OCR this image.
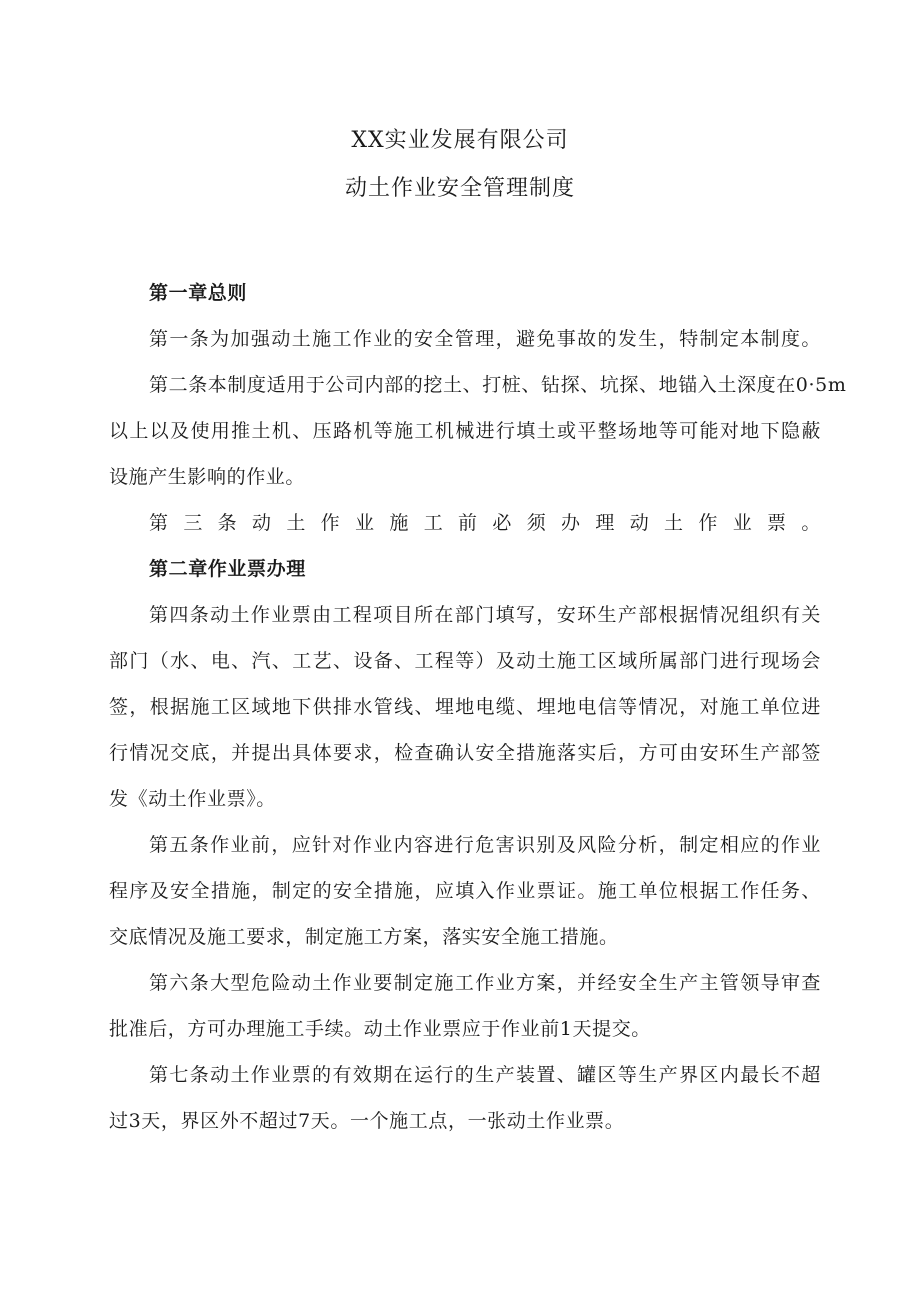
XX实业发展有限公司
动土作业安全管理制度
第一章总则
第一条为加强动土施工作业的安全管理，避免事故的发生，特制定本制度。
第二条本制度适用于公司内部的挖土、打桩、钻探、坑探、地锚入土深度在0·5m
以上以及使用推土机、压路机等施工机械进行填土或平整场地等可能对地下隐蔽
设施产生影响的作业。
第三条动土作业施工前必须办理动土作业票。
第二章作业票办理
第四条动土作业票由工程项目所在部门填写，安环生产部根据情况组织有关
部门（水、电、汽、工艺、设备、工程等）及动土施工区域所属部门进行现场会
签，根据施工区域地下供排水管线、埋地电缆、埋地电信等情况，对施工单位进
行情况交底，并提出具体要求，检查确认安全措施落实后，方可由安环生产部签
发《动土作业票》。
第五条作业前，应针对作业内容进行危害识别及风险分析，制定相应的作业
程序及安全措施，制定的安全措施，应填入作业票证。施工单位根据工作任务、
交底情况及施工要求，制定施工方案，落实安全施工措施。
第六条大型危险动土作业要制定施工作业方案，并经安全生产主管领导审查
批准后，方可办理施工手续。动土作业票应于作业前1天提交。
第七条动土作业票的有效期在运行的生产装置、罐区等生产界区内最长不超
过3天，界区外不超过7天。一个施工点，一张动土作业票。
